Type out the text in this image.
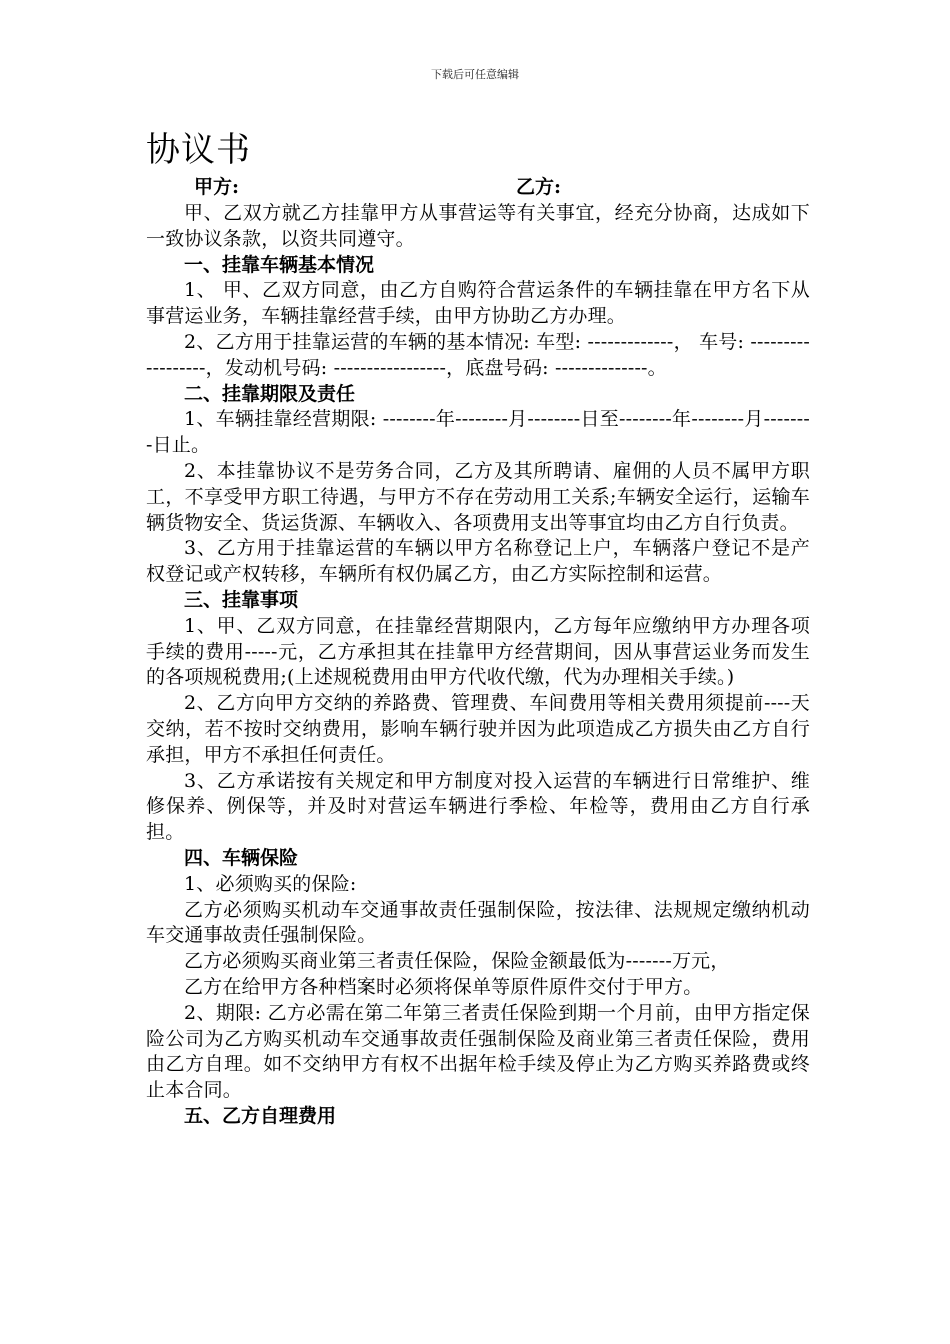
下载后可任意编辑
协议书
甲方:	乙方:

甲、乙双方就乙方挂靠甲方从事营运等有关事宜，经充分协商，达成如下一致协议条款，以资共同遵守。

一、挂靠车辆基本情况

1、 甲、乙双方同意，由乙方自购符合营运条件的车辆挂靠在甲方名下从事营运业务，车辆挂靠经营手续，由甲方协助乙方办理。

2、乙方用于挂靠运营的车辆的基本情况: 车型: -------------， 车号: ------------------，发动机号码: -----------------，底盘号码: --------------。

二、挂靠期限及责任

1、车辆挂靠经营期限: --------年--------月--------日至--------年--------月--------日止。

2、本挂靠协议不是劳务合同，乙方及其所聘请、雇佣的人员不属甲方职工，不享受甲方职工待遇，与甲方不存在劳动用工关系;车辆安全运行，运输车辆货物安全、货运货源、车辆收入、各项费用支出等事宜均由乙方自行负责。

3、乙方用于挂靠运营的车辆以甲方名称登记上户，车辆落户登记不是产权登记或产权转移，车辆所有权仍属乙方，由乙方实际控制和运营。

三、挂靠事项

1、甲、乙双方同意，在挂靠经营期限内，乙方每年应缴纳甲方办理各项手续的费用-----元，乙方承担其在挂靠甲方经营期间，因从事营运业务而发生的各项规税费用;(上述规税费用由甲方代收代缴，代为办理相关手续。)

2、乙方向甲方交纳的养路费、管理费、车间费用等相关费用须提前----天交纳，若不按时交纳费用，影响车辆行驶并因为此项造成乙方损失由乙方自行承担，甲方不承担任何责任。

3、乙方承诺按有关规定和甲方制度对投入运营的车辆进行日常维护、维修保养、例保等，并及时对营运车辆进行季检、年检等，费用由乙方自行承担。

四、车辆保险

1、必须购买的保险:

乙方必须购买机动车交通事故责任强制保险，按法律、法规规定缴纳机动车交通事故责任强制保险。

乙方必须购买商业第三者责任保险，保险金额最低为-------万元，

乙方在给甲方各种档案时必须将保单等原件原件交付于甲方。

2、期限: 乙方必需在第二年第三者责任保险到期一个月前，由甲方指定保险公司为乙方购买机动车交通事故责任强制保险及商业第三者责任保险，费用由乙方自理。如不交纳甲方有权不出据年检手续及停止为乙方购买养路费或终止本合同。

五、乙方自理费用
